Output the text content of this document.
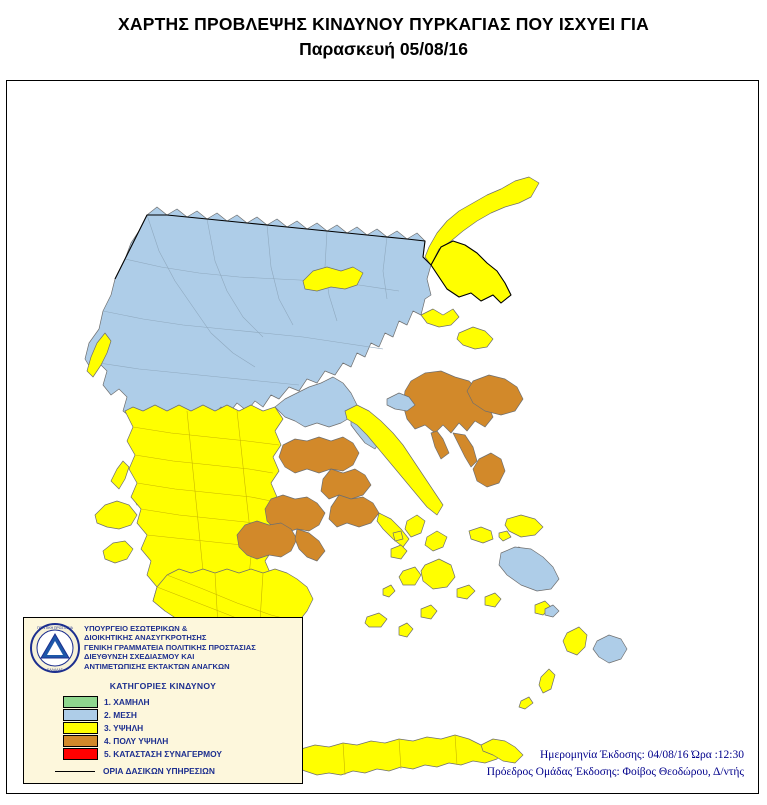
ΧΑΡΤΗΣ ΠΡΟΒΛΕΨΗΣ ΚΙΝΔΥΝΟΥ ΠΥΡΚΑΓΙΑΣ ΠΟΥ ΙΣΧΥΕΙ ΓΙΑ
Παρασκευή 05/08/16
ΠΟΛΙΤΙΚΗ ΠΡΟΣΤΑΣΙΑ
ΕΛΛΑΔΑΣ
ΥΠΟΥΡΓΕΙΟ ΕΣΩΤΕΡΙΚΩΝ &
ΔΙΟΙΚΗΤΙΚΗΣ ΑΝΑΣΥΓΚΡΟΤΗΣΗΣ
ΓΕΝΙΚΗ ΓΡΑΜΜΑΤΕΙΑ ΠΟΛΙΤΙΚΗΣ ΠΡΟΣΤΑΣΙΑΣ
ΔΙΕΥΘΥΝΣΗ ΣΧΕΔΙΑΣΜΟΥ ΚΑΙ
ΑΝΤΙΜΕΤΩΠΙΣΗΣ ΕΚΤΑΚΤΩΝ ΑΝΑΓΚΩΝ
ΚΑΤΗΓΟΡΙΕΣ ΚΙΝΔΥΝΟΥ
1. ΧΑΜΗΛΗ
2. ΜΕΣΗ
3. ΥΨΗΛΗ
4. ΠΟΛΥ ΥΨΗΛΗ
5. ΚΑΤΑΣΤΑΣΗ ΣΥΝΑΓΕΡΜΟΥ
ΟΡΙΑ ΔΑΣΙΚΩΝ ΥΠΗΡΕΣΙΩΝ
Ημερομηνία Έκδοσης: 04/08/16 Ώρα :12:30
Πρόεδρος Ομάδας Έκδοσης: Φοίβος Θεοδώρου, Δ/ντής
